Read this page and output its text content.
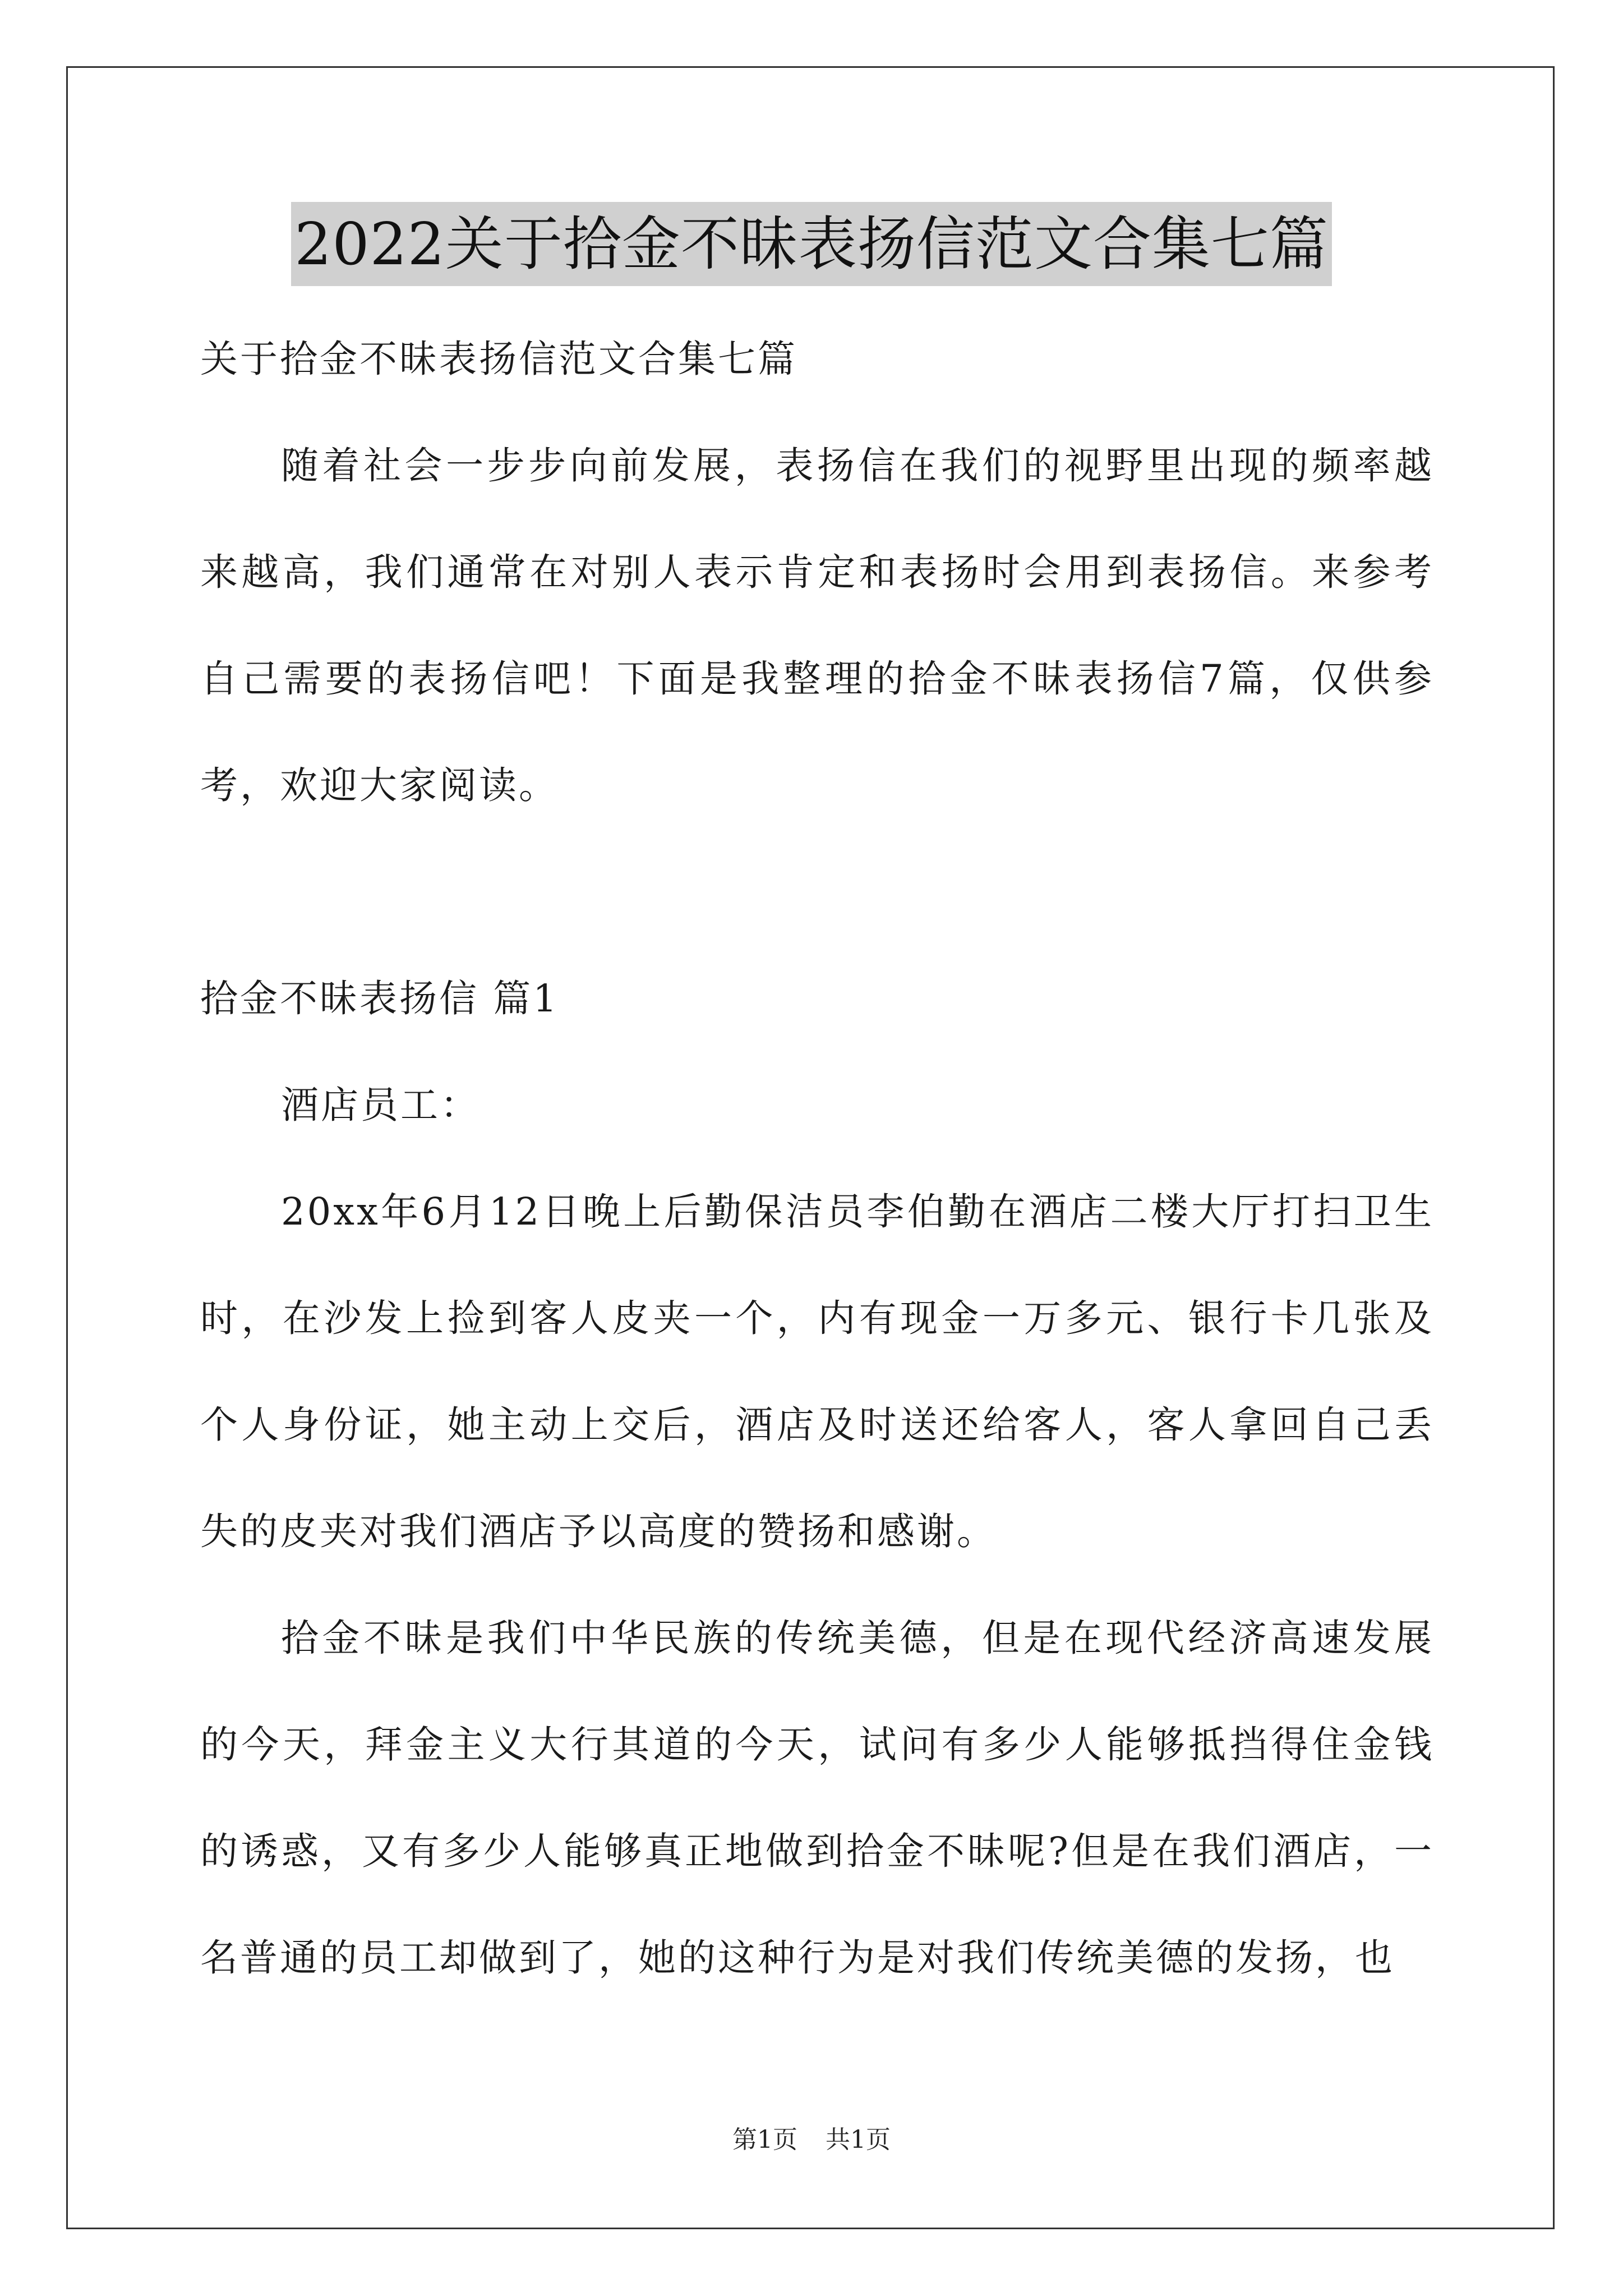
2022关于拾金不昧表扬信范文合集七篇

关于拾金不昧表扬信范文合集七篇

随着社会一步步向前发展，表扬信在我们的视野里出现的频率越来越高，我们通常在对别人表示肯定和表扬时会用到表扬信。来参考自己需要的表扬信吧！下面是我整理的拾金不昧表扬信7篇，仅供参考，欢迎大家阅读。

拾金不昧表扬信 篇1

酒店员工：

20xx年6月12日晚上后勤保洁员李伯勤在酒店二楼大厅打扫卫生时，在沙发上捡到客人皮夹一个，内有现金一万多元、银行卡几张及个人身份证，她主动上交后，酒店及时送还给客人，客人拿回自己丢失的皮夹对我们酒店予以高度的赞扬和感谢。

拾金不昧是我们中华民族的传统美德，但是在现代经济高速发展的今天，拜金主义大行其道的今天，试问有多少人能够抵挡得住金钱的诱惑，又有多少人能够真正地做到拾金不昧呢?但是在我们酒店，一名普通的员工却做到了，她的这种行为是对我们传统美德的发扬，也

第1页 共1页
